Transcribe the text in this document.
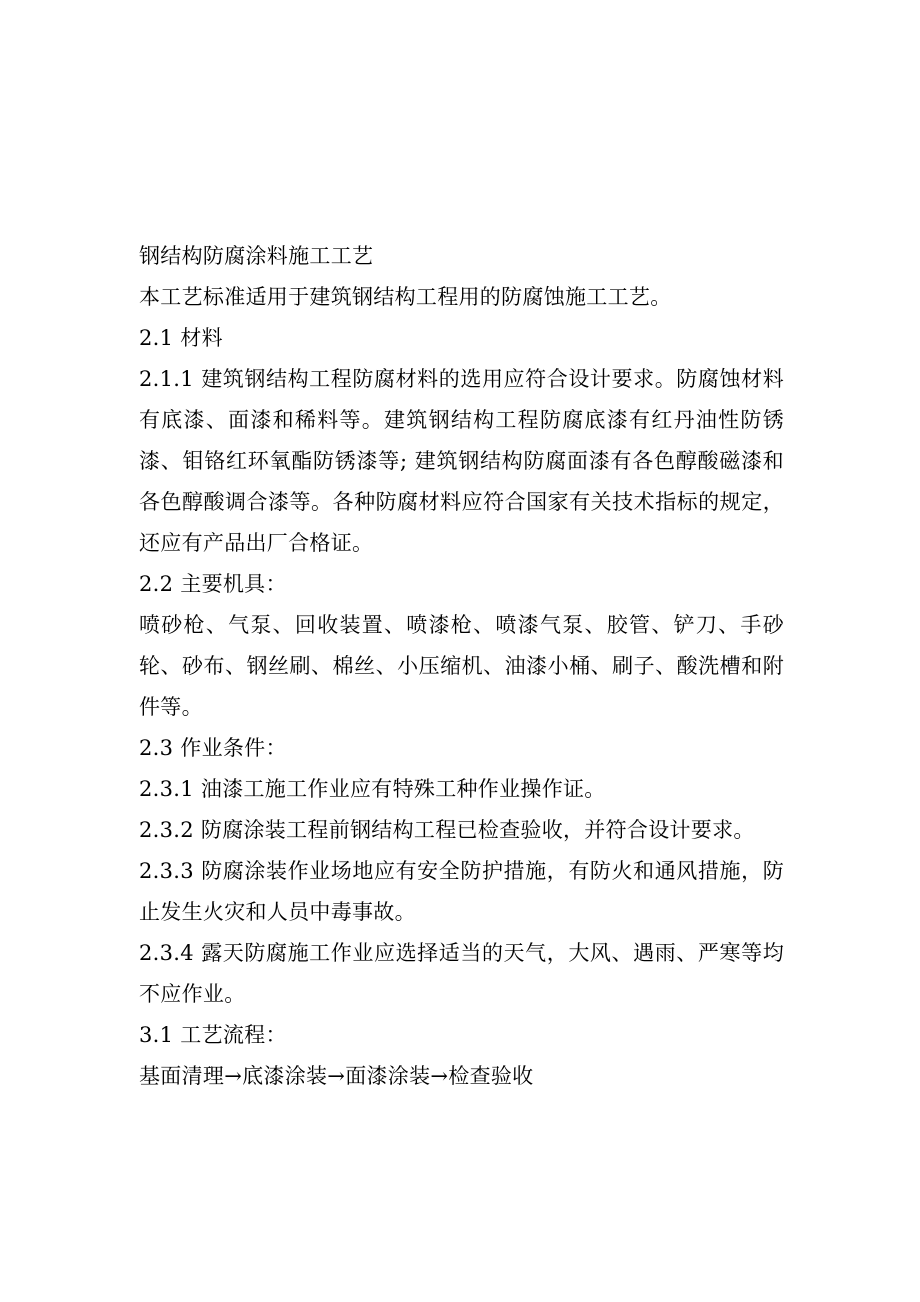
钢结构防腐涂料施工工艺

本工艺标准适用于建筑钢结构工程用的防腐蚀施工工艺。

2.1 材料

2.1.1 建筑钢结构工程防腐材料的选用应符合设计要求。防腐蚀材料有底漆、面漆和稀料等。建筑钢结构工程防腐底漆有红丹油性防锈漆、钼铬红环氧酯防锈漆等; 建筑钢结构防腐面漆有各色醇酸磁漆和各色醇酸调合漆等。各种防腐材料应符合国家有关技术指标的规定，还应有产品出厂合格证。

2.2 主要机具：

喷砂枪、气泵、回收装置、喷漆枪、喷漆气泵、胶管、铲刀、手砂轮、砂布、钢丝刷、棉丝、小压缩机、油漆小桶、刷子、酸洗槽和附件等。

2.3 作业条件：

2.3.1 油漆工施工作业应有特殊工种作业操作证。

2.3.2 防腐涂装工程前钢结构工程已检查验收，并符合设计要求。

2.3.3 防腐涂装作业场地应有安全防护措施，有防火和通风措施，防止发生火灾和人员中毒事故。

2.3.4 露天防腐施工作业应选择适当的天气，大风、遇雨、严寒等均不应作业。

3.1 工艺流程：

基面清理→底漆涂装→面漆涂装→检查验收
